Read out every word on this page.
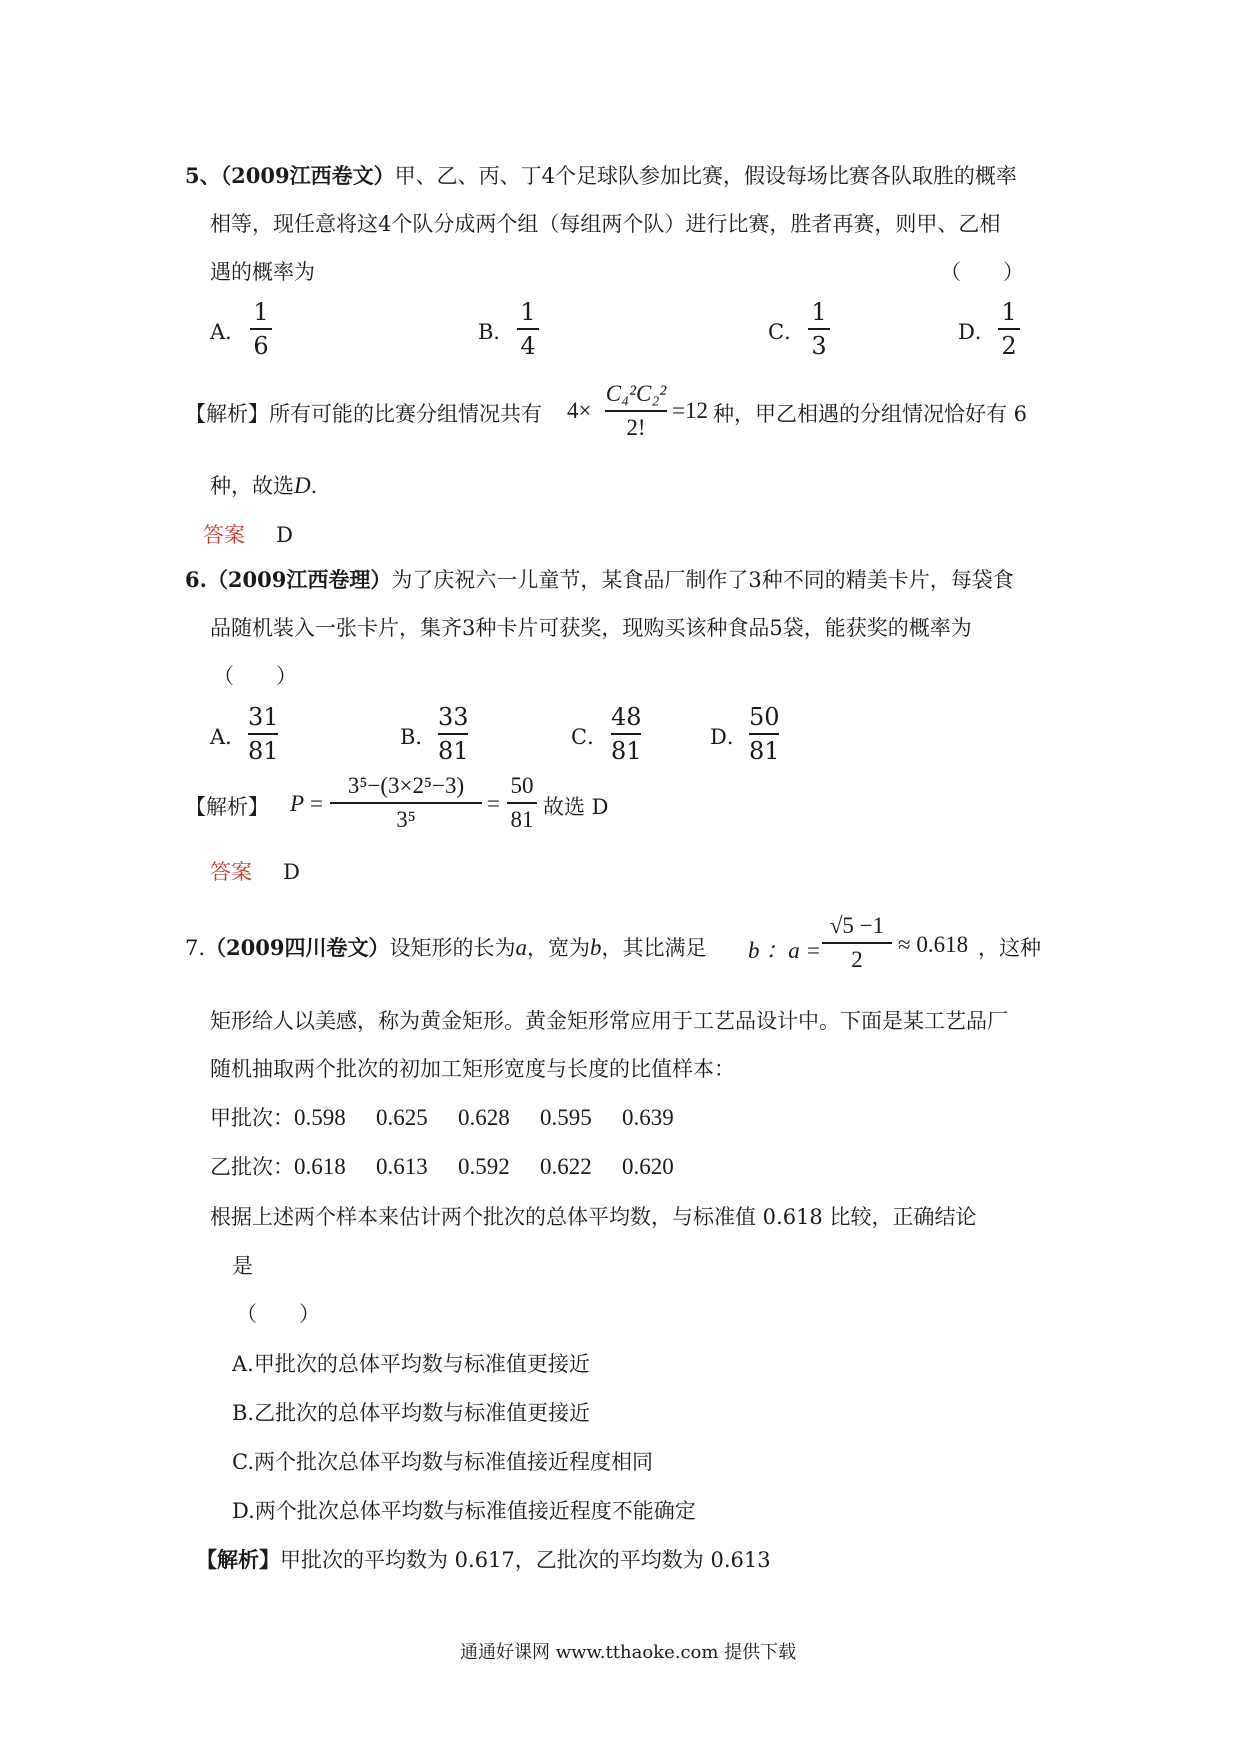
5、（2009江西卷文）甲、乙、丙、丁4个足球队参加比赛，假设每场比赛各队取胜的概率
相等，现任意将这4个队分成两个组（每组两个队）进行比赛，胜者再赛，则甲、乙相
遇的概率为	（　　）
A．
1
6	B．
1
4	C．
1
3	D．
1
2
【解析】所有可能的比赛分组情况共有 4×
C₄²C₂²
2!
=12 种，甲乙相遇的分组情况恰好有 6
种，故选D.
答案 D
6.（2009江西卷理）为了庆祝六一儿童节，某食品厂制作了3种不同的精美卡片，每袋食
品随机装入一张卡片，集齐3种卡片可获奖，现购买该种食品5袋，能获奖的概率为
（　　）
A．
31
81	B．
33
81	C．
48
81	D．
50
81
【解析】 P =
3⁵−(3×2⁵−3)
3⁵
=
50
81 故选 D
答案 D
7.（2009四川卷文）设矩形的长为a，宽为b，其比满足 b ：a =
√5 −1
2
≈ 0.618 ，这种
矩形给人以美感，称为黄金矩形。黄金矩形常应用于工艺品设计中。下面是某工艺品厂
随机抽取两个批次的初加工矩形宽度与长度的比值样本：
甲批次：0.598 0.625 0.628 0.595 0.639
乙批次：0.618 0.613 0.592 0.622 0.620
根据上述两个样本来估计两个批次的总体平均数，与标准值 0.618 比较，正确结论
是
（　　）
A.甲批次的总体平均数与标准值更接近
B.乙批次的总体平均数与标准值更接近
C.两个批次总体平均数与标准值接近程度相同
D.两个批次总体平均数与标准值接近程度不能确定
【解析】甲批次的平均数为 0.617，乙批次的平均数为 0.613
通通好课网 www.tthaoke.com 提供下载
